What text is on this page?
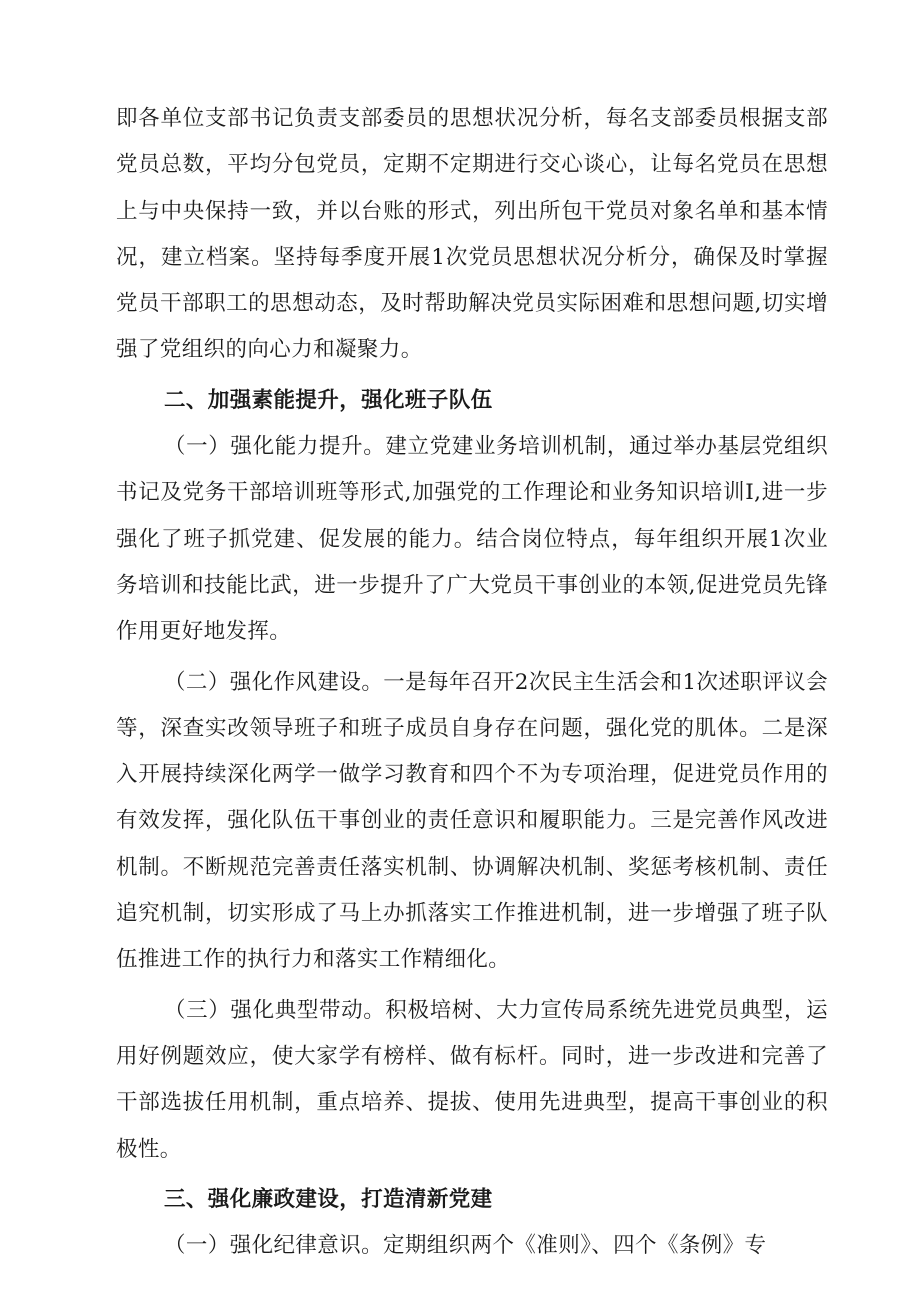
即各单位支部书记负责支部委员的思想状况分析，每名支部委员根据支部党员总数，平均分包党员，定期不定期进行交心谈心，让每名党员在思想上与中央保持一致，并以台账的形式，列出所包干党员对象名单和基本情况，建立档案。坚持每季度开展1次党员思想状况分析分，确保及时掌握党员干部职工的思想动态，及时帮助解决党员实际困难和思想问题,切实增强了党组织的向心力和凝聚力。

二、加强素能提升，强化班子队伍

（一）强化能力提升。建立党建业务培训机制，通过举办基层党组织书记及党务干部培训班等形式,加强党的工作理论和业务知识培训I,进一步强化了班子抓党建、促发展的能力。结合岗位特点，每年组织开展1次业务培训和技能比武，进一步提升了广大党员干事创业的本领,促进党员先锋作用更好地发挥。

（二）强化作风建设。一是每年召开2次民主生活会和1次述职评议会等，深查实改领导班子和班子成员自身存在问题，强化党的肌体。二是深入开展持续深化两学一做学习教育和四个不为专项治理，促进党员作用的有效发挥，强化队伍干事创业的责任意识和履职能力。三是完善作风改进机制。不断规范完善责任落实机制、协调解决机制、奖惩考核机制、责任追究机制，切实形成了马上办抓落实工作推进机制，进一步增强了班子队伍推进工作的执行力和落实工作精细化。

（三）强化典型带动。积极培树、大力宣传局系统先进党员典型，运用好例题效应，使大家学有榜样、做有标杆。同时，进一步改进和完善了干部选拔任用机制，重点培养、提拔、使用先进典型，提高干事创业的积极性。

三、强化廉政建设，打造清新党建

（一）强化纪律意识。定期组织两个《准则》、四个《条例》专
